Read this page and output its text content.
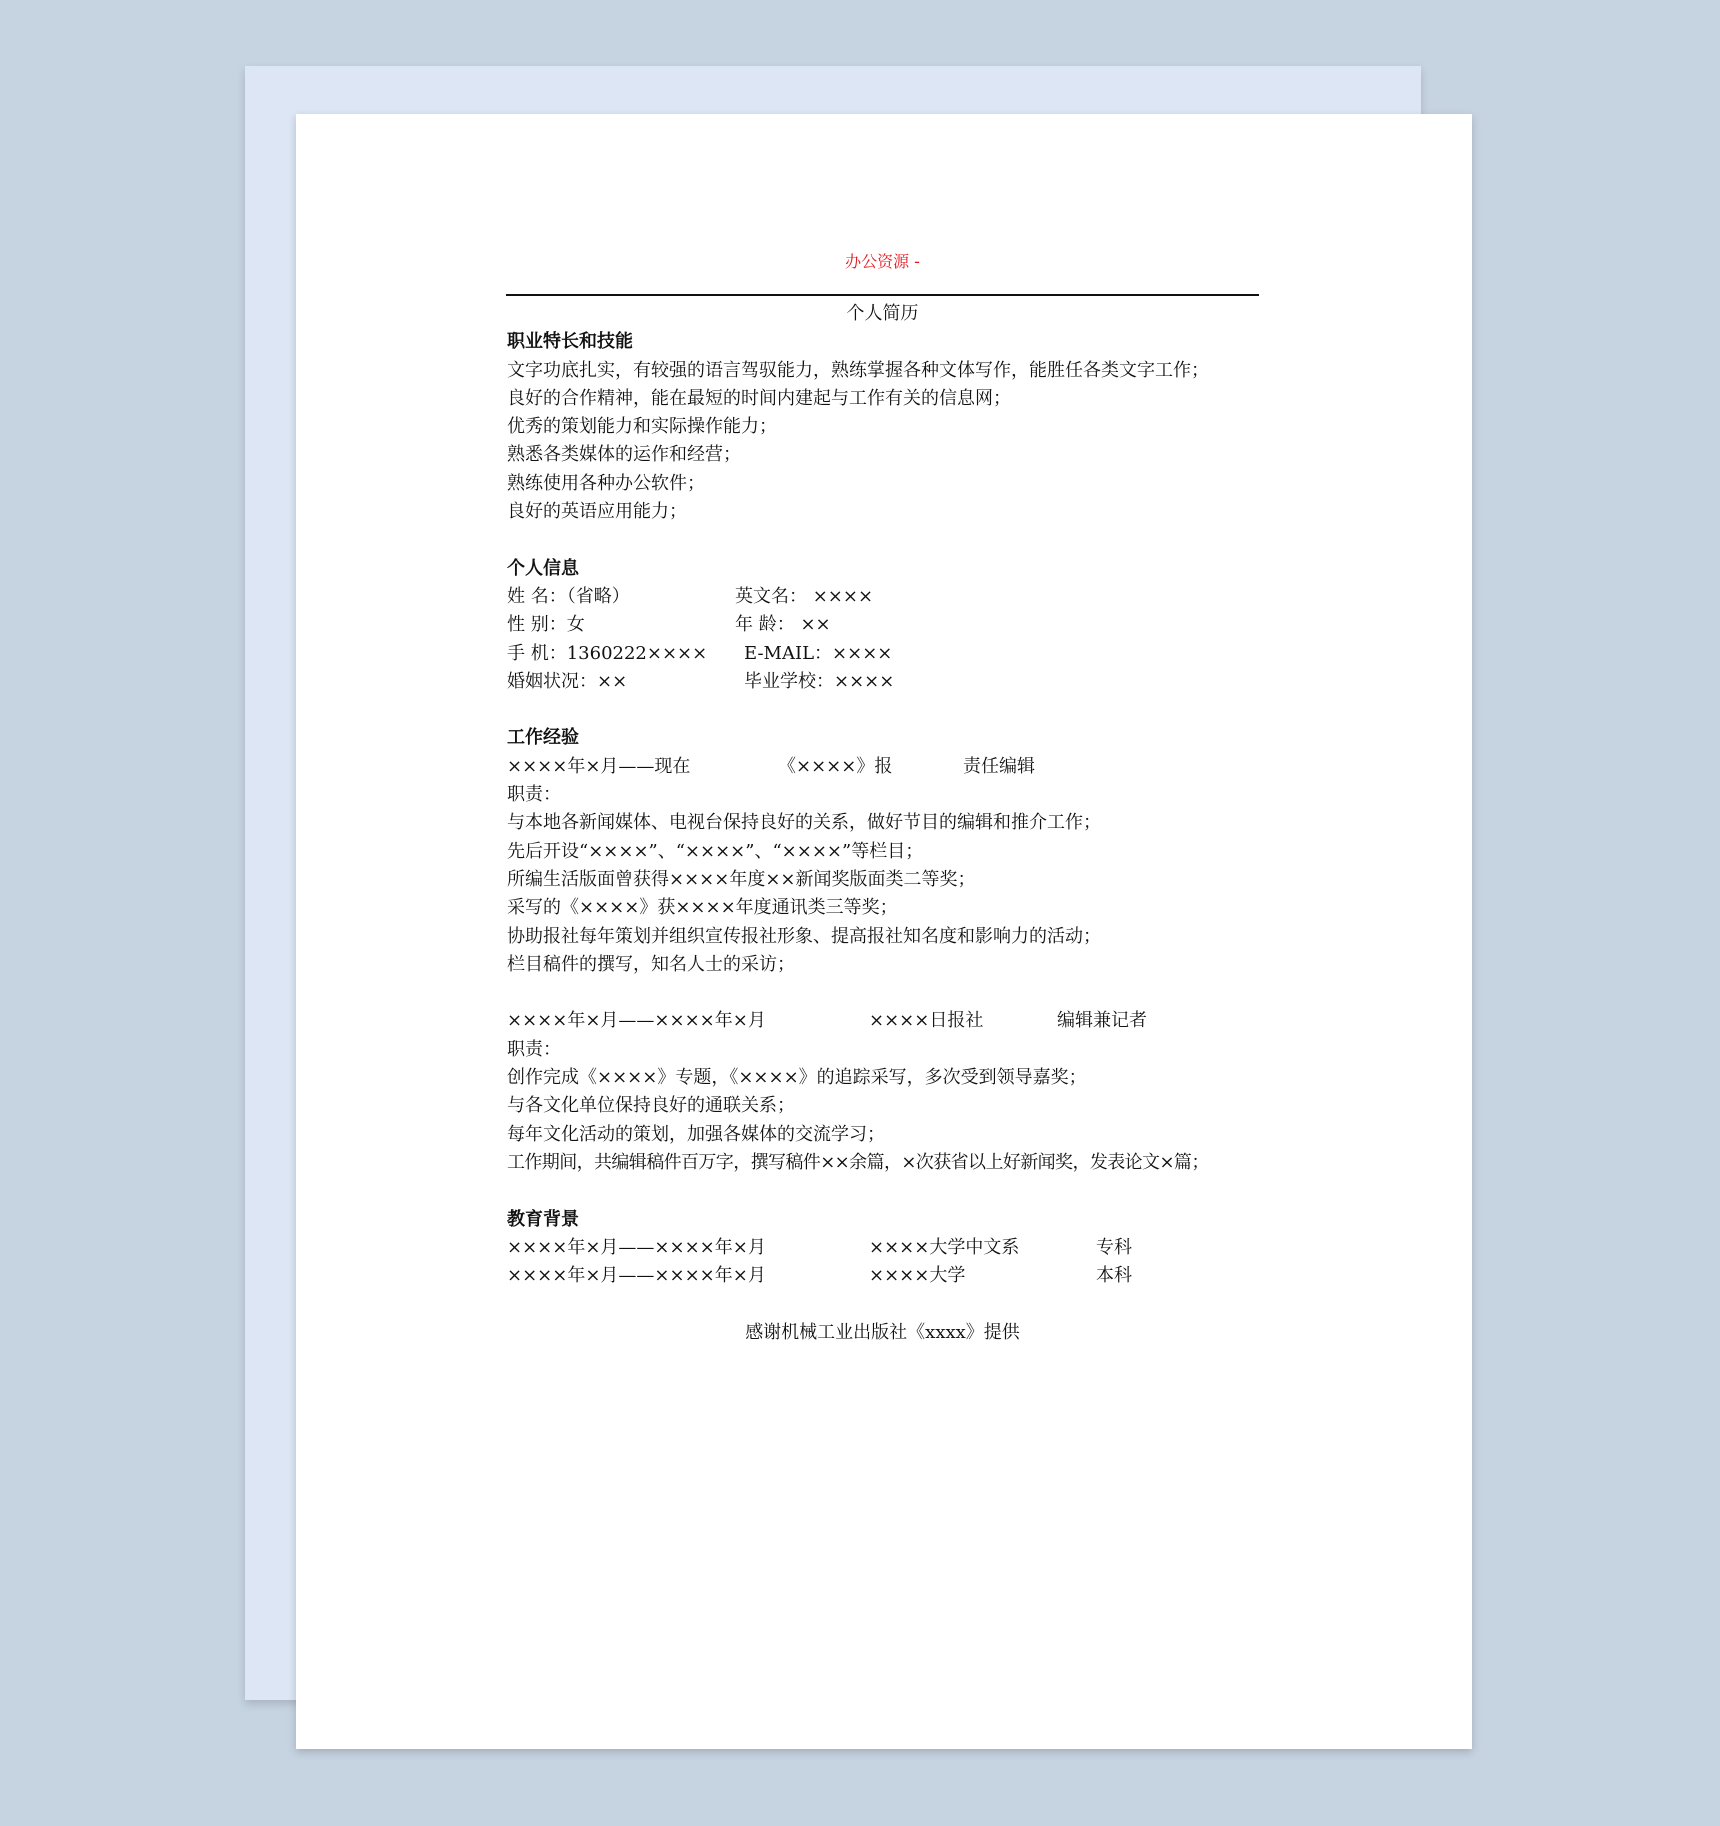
办公资源 -
个人简历
职业特长和技能
文字功底扎实，有较强的语言驾驭能力，熟练掌握各种文体写作，能胜任各类文字工作；
良好的合作精神，能在最短的时间内建起与工作有关的信息网；
优秀的策划能力和实际操作能力；
熟悉各类媒体的运作和经营；
熟练使用各种办公软件；
良好的英语应用能力；
个人信息
姓 名：（省略）	英文名： ××××
性 别：女	年 龄： ××
手 机：1360222×××× E-MAIL：××××
婚姻状况：××	毕业学校：××××
工作经验
××××年×月——现在	《××××》报	责任编辑
职责：
与本地各新闻媒体、电视台保持良好的关系，做好节目的编辑和推介工作；
先后开设“××××”、“××××”、“××××”等栏目；
所编生活版面曾获得××××年度××新闻奖版面类二等奖；
采写的《××××》获××××年度通讯类三等奖；
协助报社每年策划并组织宣传报社形象、提高报社知名度和影响力的活动；
栏目稿件的撰写，知名人士的采访；
××××年×月——××××年×月	××××日报社	编辑兼记者
职责：
创作完成《××××》专题，《××××》的追踪采写，多次受到领导嘉奖；
与各文化单位保持良好的通联关系；
每年文化活动的策划，加强各媒体的交流学习；
工作期间，共编辑稿件百万字，撰写稿件××余篇，×次获省以上好新闻奖，发表论文×篇；
教育背景
××××年×月——××××年×月	××××大学中文系	专科
××××年×月——××××年×月	××××大学	本科
感谢机械工业出版社《xxxx》提供
